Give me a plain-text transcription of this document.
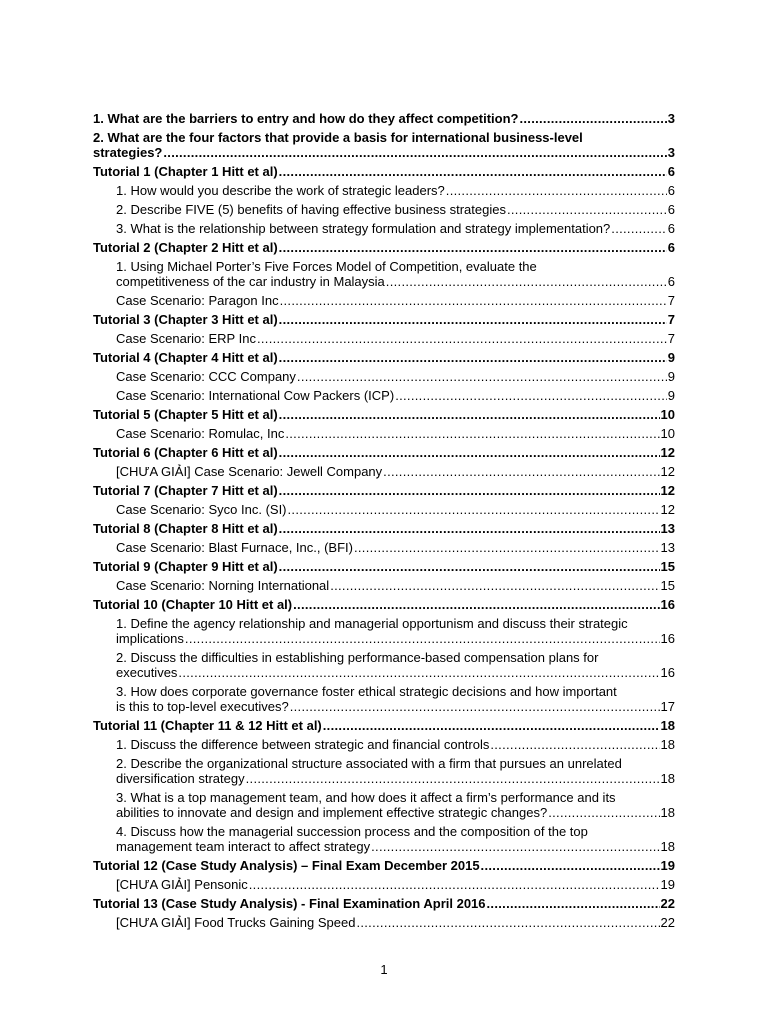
1. What are the barriers to entry and how do they affect competition? .....	3
2. What are the four factors that provide a basis for international business-level
strategies? .....	3
Tutorial 1 (Chapter 1 Hitt et al) .....	6
1. How would you describe the work of strategic leaders? .....	6
2. Describe FIVE (5) benefits of having effective business strategies .....	6
3. What is the relationship between strategy formulation and strategy implementation? .....	6
Tutorial 2 (Chapter 2 Hitt et al) .....	6
1. Using Michael Porter’s Five Forces Model of Competition, evaluate the
competitiveness of the car industry in Malaysia .....	6
Case Scenario: Paragon Inc .....	7
Tutorial 3 (Chapter 3 Hitt et al) .....	7
Case Scenario: ERP Inc .....	7
Tutorial 4 (Chapter 4 Hitt et al) .....	9
Case Scenario: CCC Company .....	9
Case Scenario: International Cow Packers (ICP) .....	9
Tutorial 5 (Chapter 5 Hitt et al) .....	10
Case Scenario: Romulac, Inc .....	10
Tutorial 6 (Chapter 6 Hitt et al) .....	12
[CHƯA GIẢI] Case Scenario: Jewell Company .....	12
Tutorial 7 (Chapter 7 Hitt et al) .....	12
Case Scenario: Syco Inc. (SI) .....	12
Tutorial 8 (Chapter 8 Hitt et al) .....	13
Case Scenario: Blast Furnace, Inc., (BFI) .....	13
Tutorial 9 (Chapter 9 Hitt et al) .....	15
Case Scenario: Norning International .....	15
Tutorial 10 (Chapter 10 Hitt et al) .....	16
1. Define the agency relationship and managerial opportunism and discuss their strategic
implications .....	16
2. Discuss the difficulties in establishing performance-based compensation plans for
executives .....	16
3. How does corporate governance foster ethical strategic decisions and how important
is this to top-level executives? .....	17
Tutorial 11 (Chapter 11 & 12 Hitt et al) .....	18
1. Discuss the difference between strategic and financial controls .....	18
2. Describe the organizational structure associated with a firm that pursues an unrelated
diversification strategy .....	18
3. What is a top management team, and how does it affect a firm’s performance and its
abilities to innovate and design and implement effective strategic changes? .....	18
4. Discuss how the managerial succession process and the composition of the top
management team interact to affect strategy .....	18
Tutorial 12 (Case Study Analysis) – Final Exam December 2015 .....	19
[CHƯA GIẢI] Pensonic .....	19
Tutorial 13 (Case Study Analysis) - Final Examination April 2016 .....	22
[CHƯA GIẢI] Food Trucks Gaining Speed .....	22
1
